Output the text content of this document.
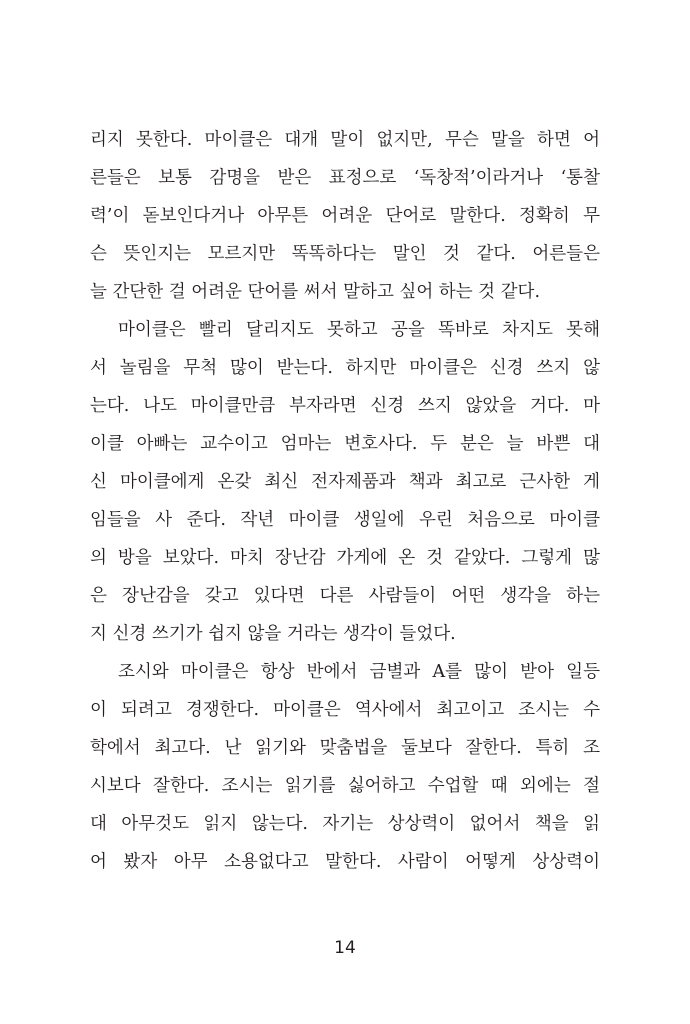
리지 못한다. 마이클은 대개 말이 없지만, 무슨 말을 하면 어
른들은 보통 감명을 받은 표정으로 ‘독창적’이라거나 ‘통찰
력’이 돋보인다거나 아무튼 어려운 단어로 말한다. 정확히 무
슨 뜻인지는 모르지만 똑똑하다는 말인 것 같다. 어른들은
늘 간단한 걸 어려운 단어를 써서 말하고 싶어 하는 것 같다.
마이클은 빨리 달리지도 못하고 공을 똑바로 차지도 못해
서 놀림을 무척 많이 받는다. 하지만 마이클은 신경 쓰지 않
는다. 나도 마이클만큼 부자라면 신경 쓰지 않았을 거다. 마
이클 아빠는 교수이고 엄마는 변호사다. 두 분은 늘 바쁜 대
신 마이클에게 온갖 최신 전자제품과 책과 최고로 근사한 게
임들을 사 준다. 작년 마이클 생일에 우린 처음으로 마이클
의 방을 보았다. 마치 장난감 가게에 온 것 같았다. 그렇게 많
은 장난감을 갖고 있다면 다른 사람들이 어떤 생각을 하는
지 신경 쓰기가 쉽지 않을 거라는 생각이 들었다.
조시와 마이클은 항상 반에서 금별과 A를 많이 받아 일등
이 되려고 경쟁한다. 마이클은 역사에서 최고이고 조시는 수
학에서 최고다. 난 읽기와 맞춤법을 둘보다 잘한다. 특히 조
시보다 잘한다. 조시는 읽기를 싫어하고 수업할 때 외에는 절
대 아무것도 읽지 않는다. 자기는 상상력이 없어서 책을 읽
어 봤자 아무 소용없다고 말한다. 사람이 어떻게 상상력이
14
